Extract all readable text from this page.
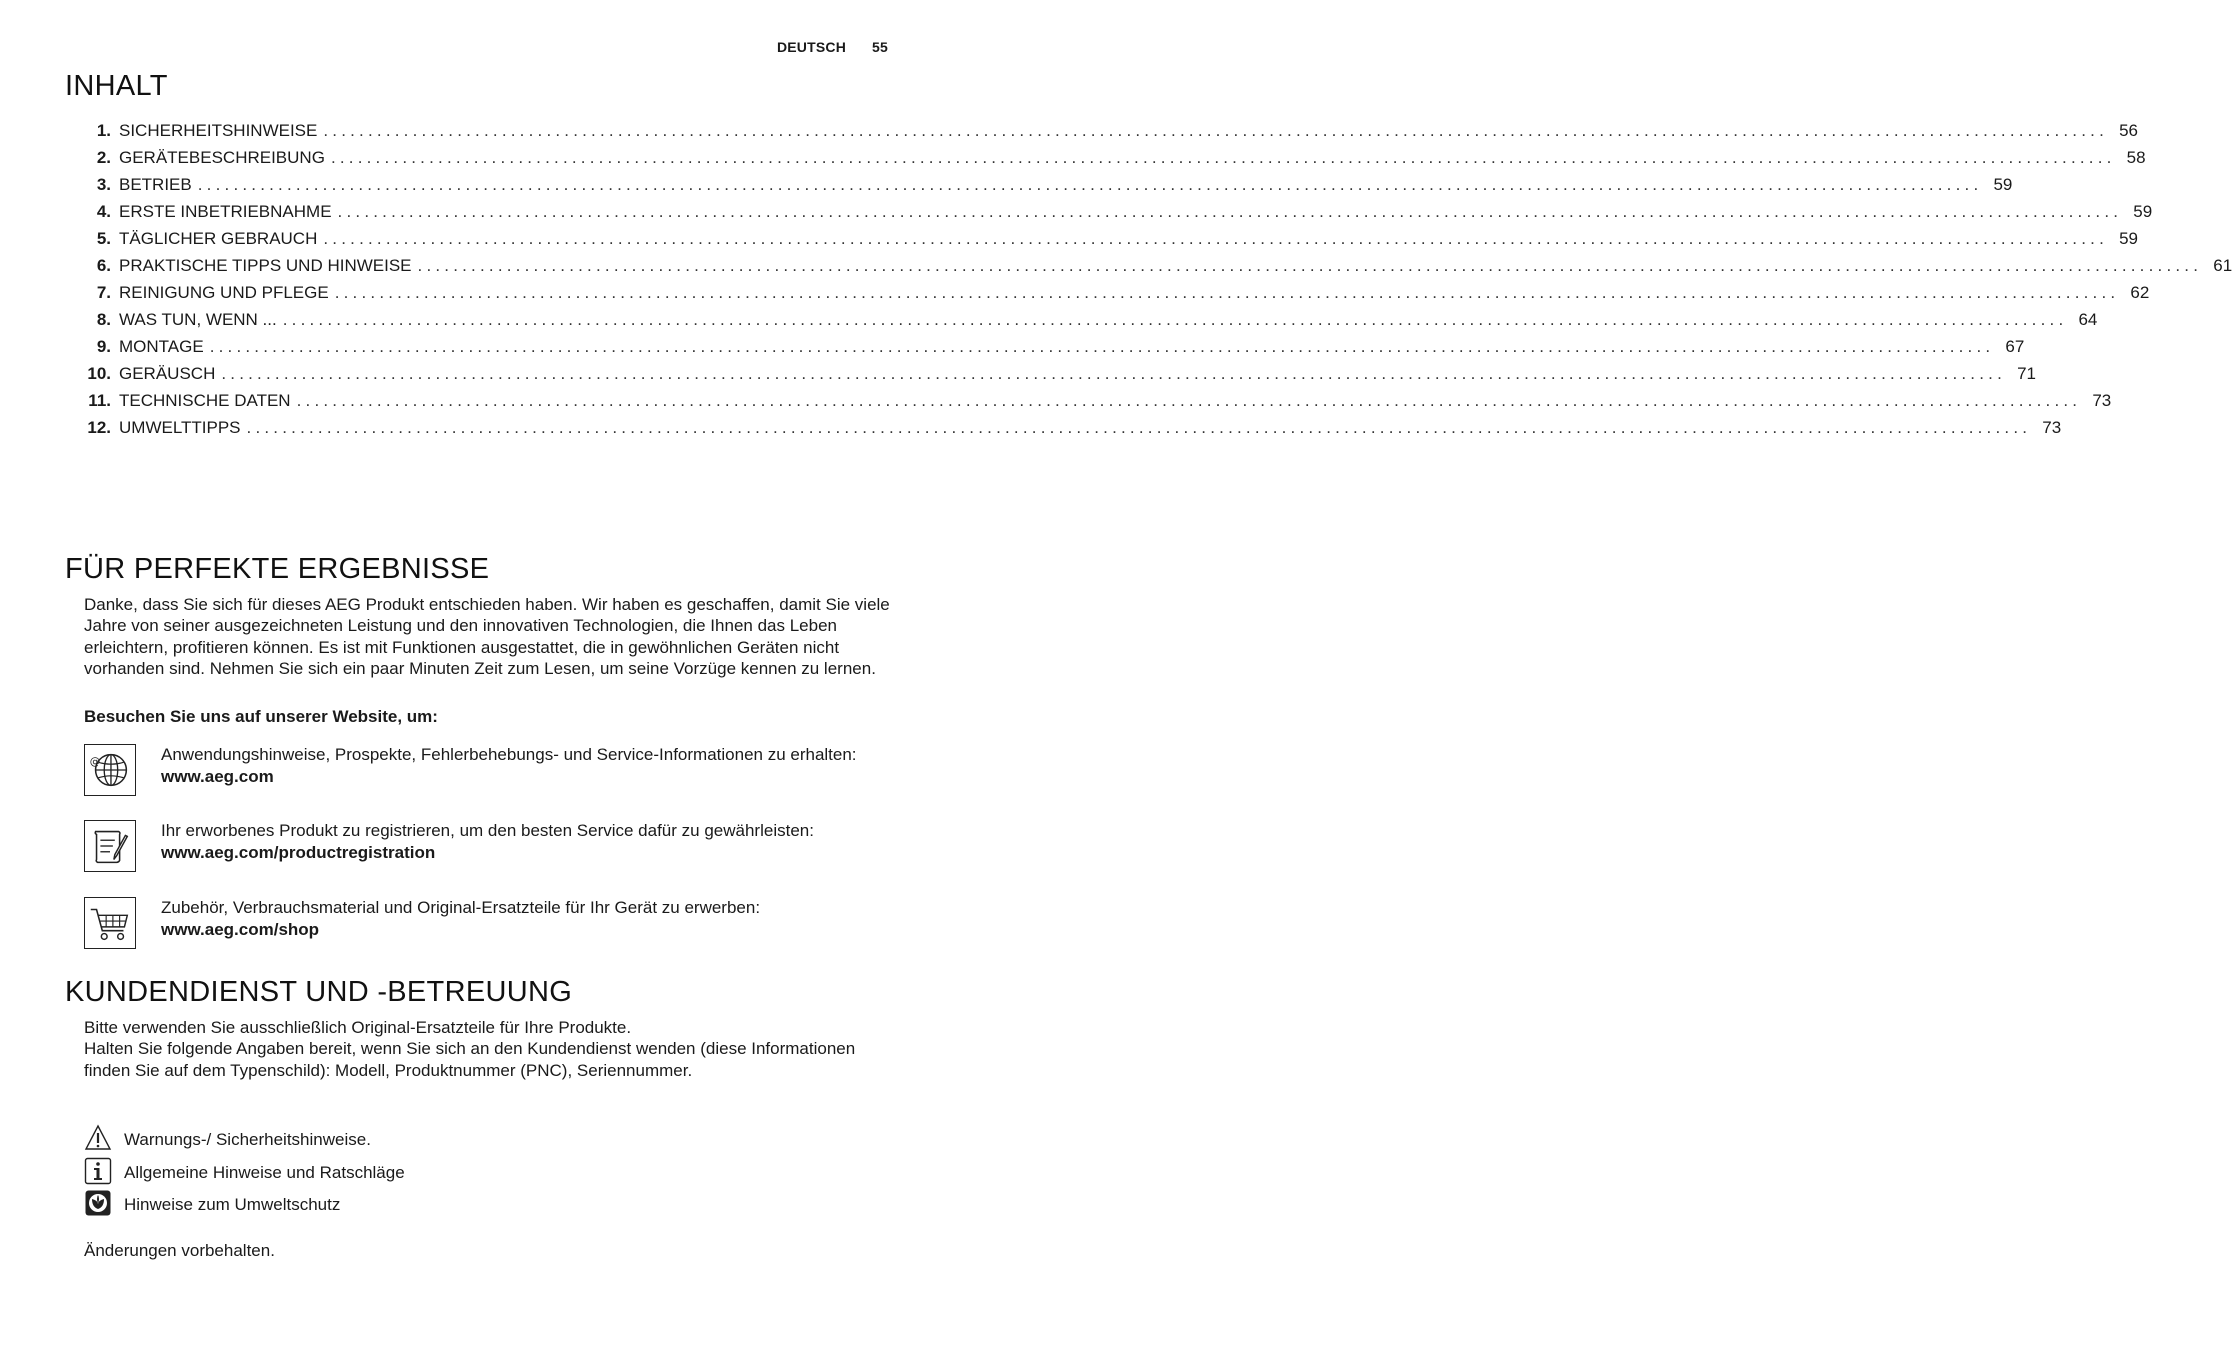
DEUTSCH 55
INHALT
1. SICHERHEITSHINWEISE ........................................................................................................................................................................................................ 56
2. GERÄTEBESCHREIBUNG ........................................................................................................................................................................................................ 58
3. BETRIEB ........................................................................................................................................................................................................ 59
4. ERSTE INBETRIEBNAHME ........................................................................................................................................................................................................ 59
5. TÄGLICHER GEBRAUCH ........................................................................................................................................................................................................ 59
6. PRAKTISCHE TIPPS UND HINWEISE ........................................................................................................................................................................................................ 61
7. REINIGUNG UND PFLEGE ........................................................................................................................................................................................................ 62
8. WAS TUN, WENN ... ........................................................................................................................................................................................................ 64
9. MONTAGE ........................................................................................................................................................................................................ 67
10. GERÄUSCH ........................................................................................................................................................................................................ 71
11. TECHNISCHE DATEN ........................................................................................................................................................................................................ 73
12. UMWELTTIPPS ........................................................................................................................................................................................................ 73
FÜR PERFEKTE ERGEBNISSE
Danke, dass Sie sich für dieses AEG Produkt entschieden haben. Wir haben es geschaffen, damit Sie viele Jahre von seiner ausgezeichneten Leistung und den innovativen Technologien, die Ihnen das Leben erleichtern, profitieren können. Es ist mit Funktionen ausgestattet, die in gewöhnlichen Geräten nicht vorhanden sind. Nehmen Sie sich ein paar Minuten Zeit zum Lesen, um seine Vorzüge kennen zu lernen.
Besuchen Sie uns auf unserer Website, um:
@	Anwendungshinweise, Prospekte, Fehlerbehebungs- und Service-Informationen zu erhalten:
www.aeg.com
Ihr erworbenes Produkt zu registrieren, um den besten Service dafür zu gewährleisten:
www.aeg.com/productregistration
Zubehör, Verbrauchsmaterial und Original-Ersatzteile für Ihr Gerät zu erwerben:
www.aeg.com/shop
KUNDENDIENST UND -BETREUUNG
Bitte verwenden Sie ausschließlich Original-Ersatzteile für Ihre Produkte.
Halten Sie folgende Angaben bereit, wenn Sie sich an den Kundendienst wenden (diese Informationen finden Sie auf dem Typenschild): Modell, Produktnummer (PNC), Seriennummer.
Warnungs-/ Sicherheitshinweise.
Allgemeine Hinweise und Ratschläge
Hinweise zum Umweltschutz
Änderungen vorbehalten.
